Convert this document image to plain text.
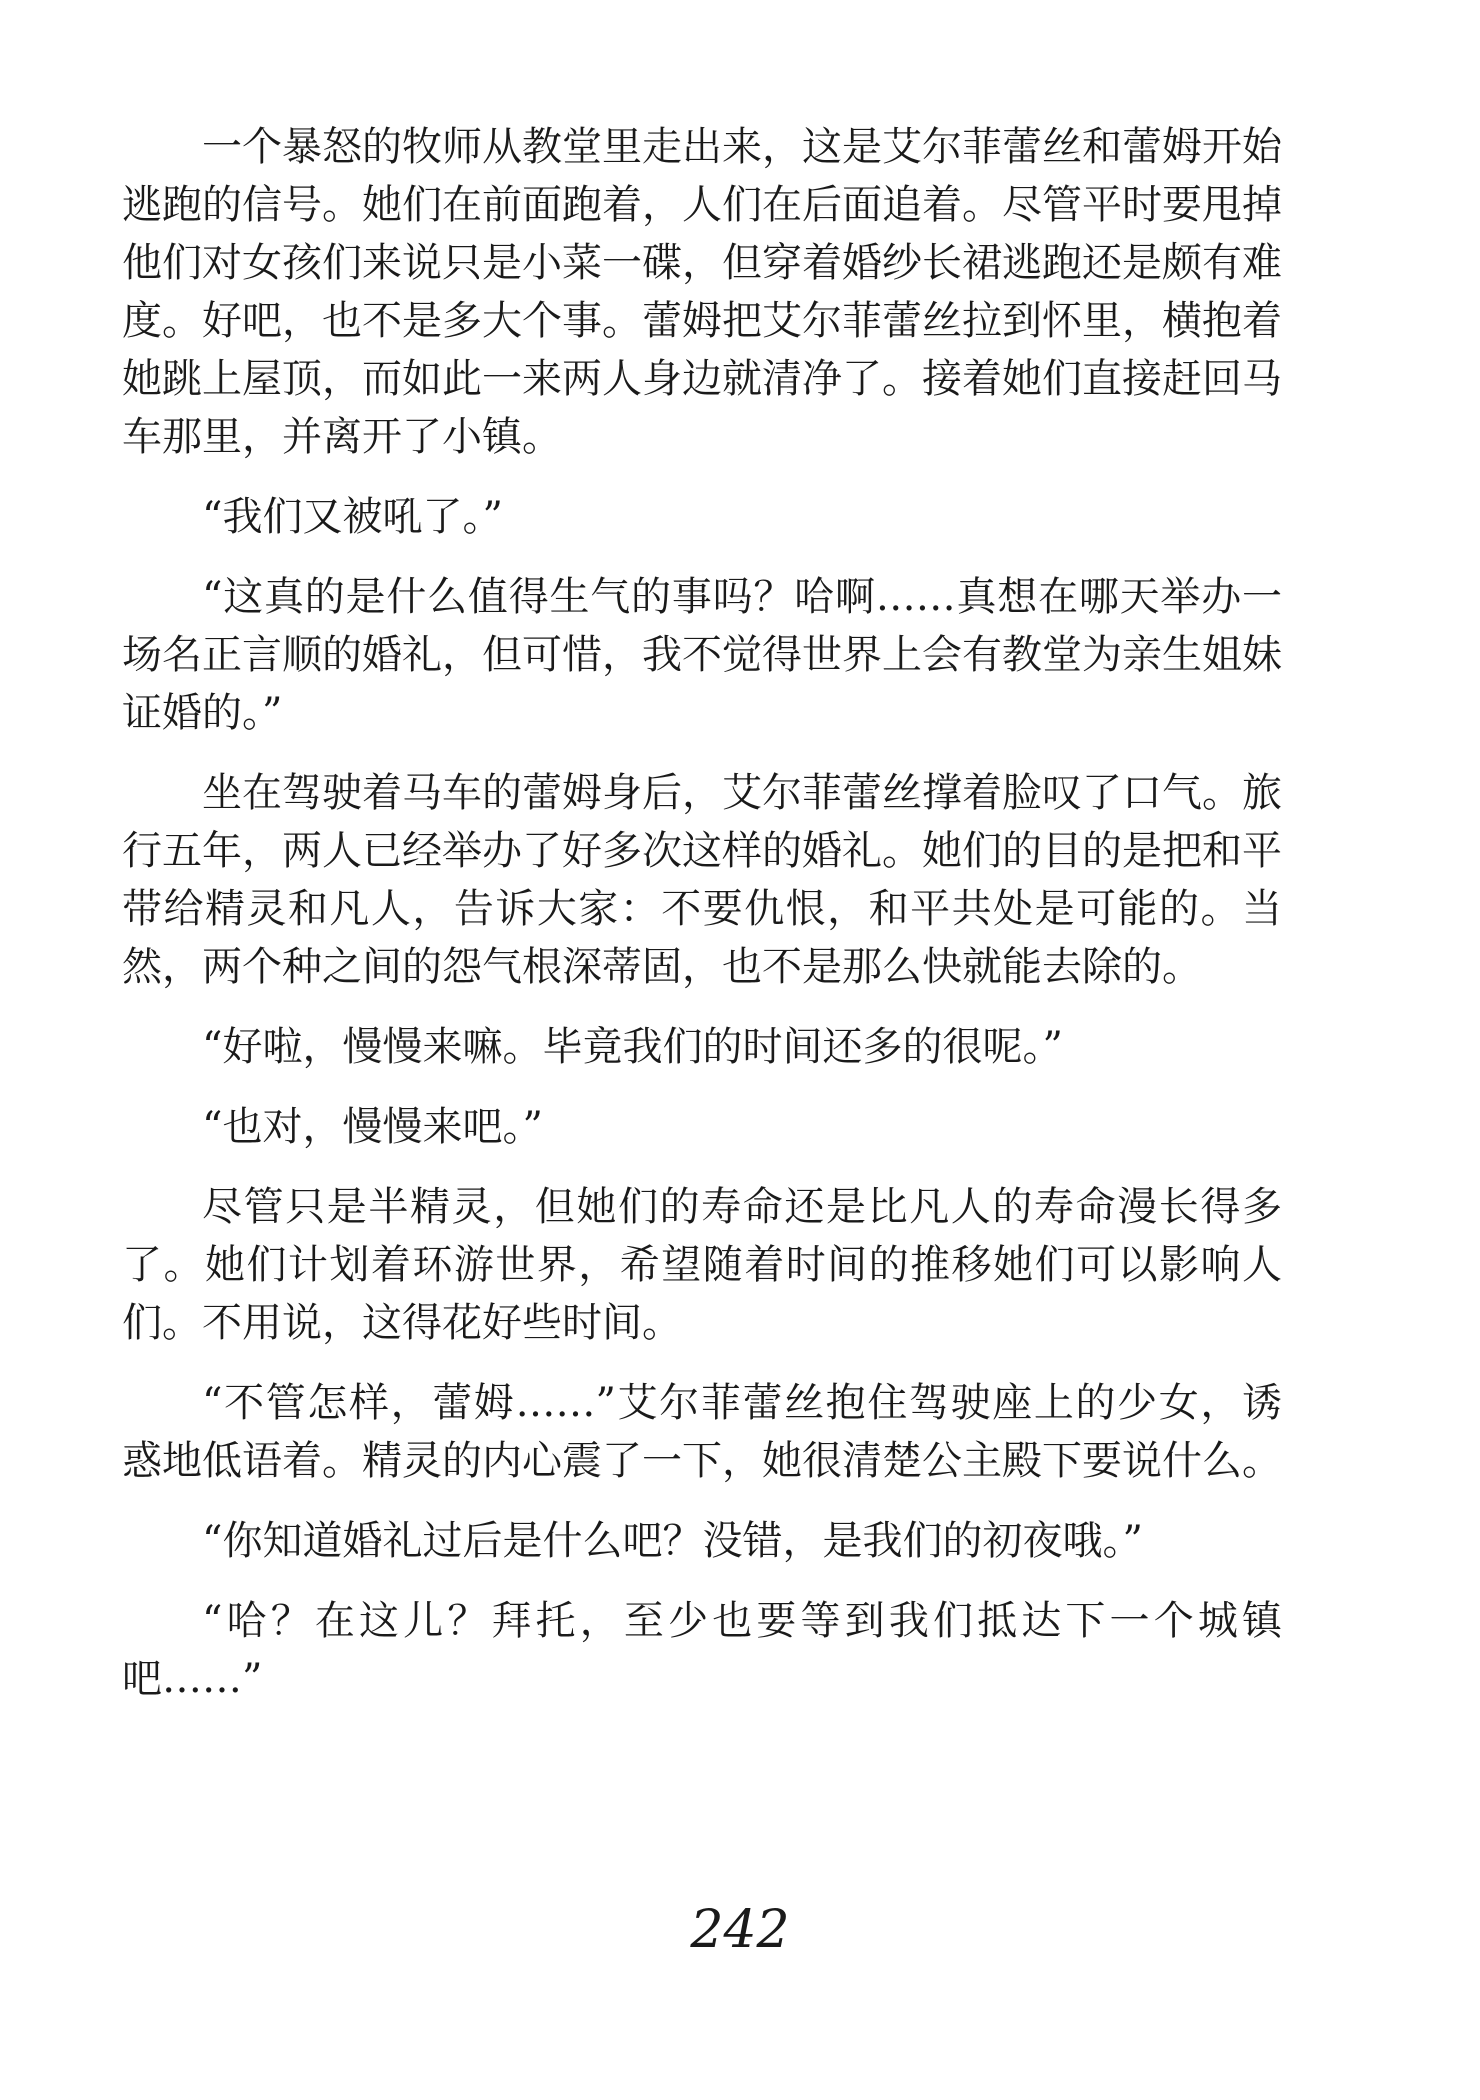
一个暴怒的牧师从教堂里走出来，这是艾尔菲蕾丝和蕾姆开始逃跑的信号。她们在前面跑着，人们在后面追着。尽管平时要甩掉他们对女孩们来说只是小菜一碟，但穿着婚纱长裙逃跑还是颇有难度。好吧，也不是多大个事。蕾姆把艾尔菲蕾丝拉到怀里，横抱着她跳上屋顶，而如此一来两人身边就清净了。接着她们直接赶回马车那里，并离开了小镇。

“我们又被吼了。”

“这真的是什么值得生气的事吗？哈啊……真想在哪天举办一场名正言顺的婚礼，但可惜，我不觉得世界上会有教堂为亲生姐妹证婚的。”

坐在驾驶着马车的蕾姆身后，艾尔菲蕾丝撑着脸叹了口气。旅行五年，两人已经举办了好多次这样的婚礼。她们的目的是把和平带给精灵和凡人，告诉大家：不要仇恨，和平共处是可能的。当然，两个种之间的怨气根深蒂固，也不是那么快就能去除的。

“好啦，慢慢来嘛。毕竟我们的时间还多的很呢。”

“也对，慢慢来吧。”

尽管只是半精灵，但她们的寿命还是比凡人的寿命漫长得多了。她们计划着环游世界，希望随着时间的推移她们可以影响人们。不用说，这得花好些时间。

“不管怎样，蕾姆……”艾尔菲蕾丝抱住驾驶座上的少女，诱惑地低语着。精灵的内心震了一下，她很清楚公主殿下要说什么。

“你知道婚礼过后是什么吧？没错，是我们的初夜哦。”

“哈？在这儿？拜托，至少也要等到我们抵达下一个城镇吧……”

242
